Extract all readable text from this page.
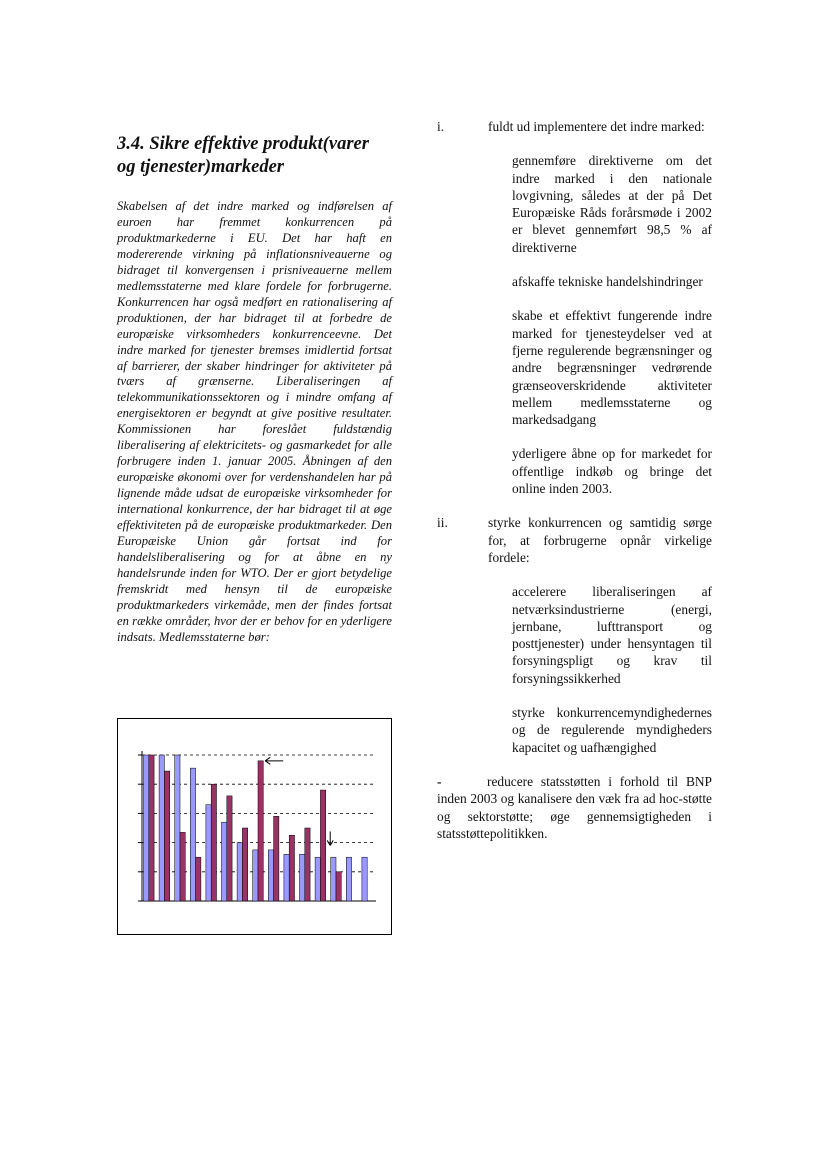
3.4. Sikre effektive produkt(varer og tjenester)markeder
Skabelsen af det indre marked og indførelsen af euroen har fremmet konkurrencen på produktmarkederne i EU. Det har haft en modererende virkning på inflationsniveauerne og bidraget til konvergensen i prisniveauerne mellem medlemsstaterne med klare fordele for forbrugerne. Konkurrencen har også medført en rationalisering af produktionen, der har bidraget til at forbedre de europæiske virksomheders konkurrenceevne. Det indre marked for tjenester bremses imidlertid fortsat af barrierer, der skaber hindringer for aktiviteter på tværs af grænserne. Liberaliseringen af telekommunikationssektoren og i mindre omfang af energisektoren er begyndt at give positive resultater. Kommissionen har foreslået fuldstændig liberalisering af elektricitets- og gasmarkedet for alle forbrugere inden 1. januar 2005. Åbningen af den europæiske økonomi over for verdenshandelen har på lignende måde udsat de europæiske virksomheder for international konkurrence, der har bidraget til at øge effektiviteten på de europæiske produktmarkeder. Den Europæiske Union går fortsat ind for handelsliberalisering og for at åbne en ny handelsrunde inden for WTO. Der er gjort betydelige fremskridt med hensyn til de europæiske produktmarkeders virkemåde, men der findes fortsat en række områder, hvor der er behov for en yderligere indsats. Medlemsstaterne bør:
i.	fuldt ud implementere det indre marked:
gennemføre direktiverne om det indre marked i den nationale lovgivning, således at der på Det Europæiske Råds forårsmøde i 2002 er blevet gennemført 98,5 % af direktiverne
afskaffe tekniske handelshindringer
skabe et effektivt fungerende indre marked for tjenesteydelser ved at fjerne regulerende begrænsninger og andre begrænsninger vedrørende grænseoverskridende aktiviteter mellem medlemsstaterne og markedsadgang
yderligere åbne op for markedet for offentlige indkøb og bringe det online inden 2003.
ii.	styrke konkurrencen og samtidig sørge for, at forbrugerne opnår virkelige fordele:
accelerere liberaliseringen af netværksindustrierne (energi, jernbane, lufttransport og posttjenester) under hensyntagen til forsyningspligt og krav til forsyningssikkerhed
styrke konkurrencemyndighedernes og de regulerende myndigheders kapacitet og uafhængighed
-	reducere statsstøtten i forhold til BNP inden 2003 og kanalisere den væk fra ad hoc-støtte og sektorstøtte; øge gennemsigtigheden i statsstøttepolitikken.
